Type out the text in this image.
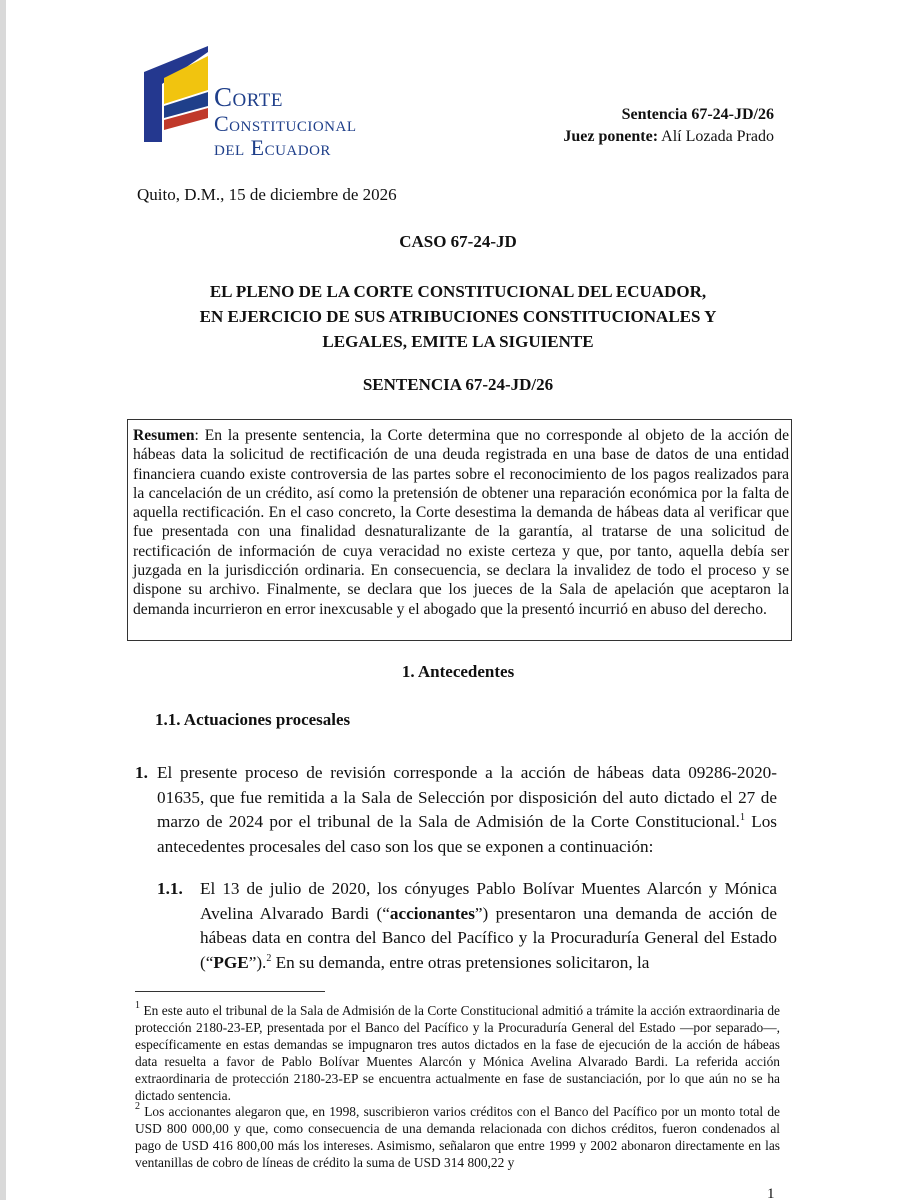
Corte
Constitucional
del Ecuador
Sentencia 67-24-JD/26
Juez ponente: Alí Lozada Prado
Quito, D.M., 15 de diciembre de 2026
CASO 67-24-JD
EL PLENO DE LA CORTE CONSTITUCIONAL DEL ECUADOR,
EN EJERCICIO DE SUS ATRIBUCIONES CONSTITUCIONALES Y
LEGALES, EMITE LA SIGUIENTE
SENTENCIA 67-24-JD/26
Resumen: En la presente sentencia, la Corte determina que no corresponde al objeto de la acción de hábeas data la solicitud de rectificación de una deuda registrada en una base de datos de una entidad financiera cuando existe controversia de las partes sobre el reconocimiento de los pagos realizados para la cancelación de un crédito, así como la pretensión de obtener una reparación económica por la falta de aquella rectificación. En el caso concreto, la Corte desestima la demanda de hábeas data al verificar que fue presentada con una finalidad desnaturalizante de la garantía, al tratarse de una solicitud de rectificación de información de cuya veracidad no existe certeza y que, por tanto, aquella debía ser juzgada en la jurisdicción ordinaria. En consecuencia, se declara la invalidez de todo el proceso y se dispone su archivo. Finalmente, se declara que los jueces de la Sala de apelación que aceptaron la demanda incurrieron en error inexcusable y el abogado que la presentó incurrió en abuso del derecho.
1. Antecedentes
1.1. Actuaciones procesales
1. El presente proceso de revisión corresponde a la acción de hábeas data 09286-2020-01635, que fue remitida a la Sala de Selección por disposición del auto dictado el 27 de marzo de 2024 por el tribunal de la Sala de Admisión de la Corte Constitucional.$^1$ Los antecedentes procesales del caso son los que se exponen a continuación:
1.1. El 13 de julio de 2020, los cónyuges Pablo Bolívar Muentes Alarcón y Mónica Avelina Alvarado Bardi (“accionantes”) presentaron una demanda de acción de hábeas data en contra del Banco del Pacífico y la Procuraduría General del Estado (“PGE”).$^2$ En su demanda, entre otras pretensiones solicitaron, la
$^1$ En este auto el tribunal de la Sala de Admisión de la Corte Constitucional admitió a trámite la acción extraordinaria de protección 2180-23-EP, presentada por el Banco del Pacífico y la Procuraduría General del Estado —por separado—, específicamente en estas demandas se impugnaron tres autos dictados en la fase de ejecución de la acción de hábeas data resuelta a favor de Pablo Bolívar Muentes Alarcón y Mónica Avelina Alvarado Bardi. La referida acción extraordinaria de protección 2180-23-EP se encuentra actualmente en fase de sustanciación, por lo que aún no se ha dictado sentencia.
$^2$ Los accionantes alegaron que, en 1998, suscribieron varios créditos con el Banco del Pacífico por un monto total de USD 800 000,00 y que, como consecuencia de una demanda relacionada con dichos créditos, fueron condenados al pago de USD 416 800,00 más los intereses. Asimismo, señalaron que entre 1999 y 2002 abonaron directamente en las ventanillas de cobro de líneas de crédito la suma de USD 314 800,22 y
1
